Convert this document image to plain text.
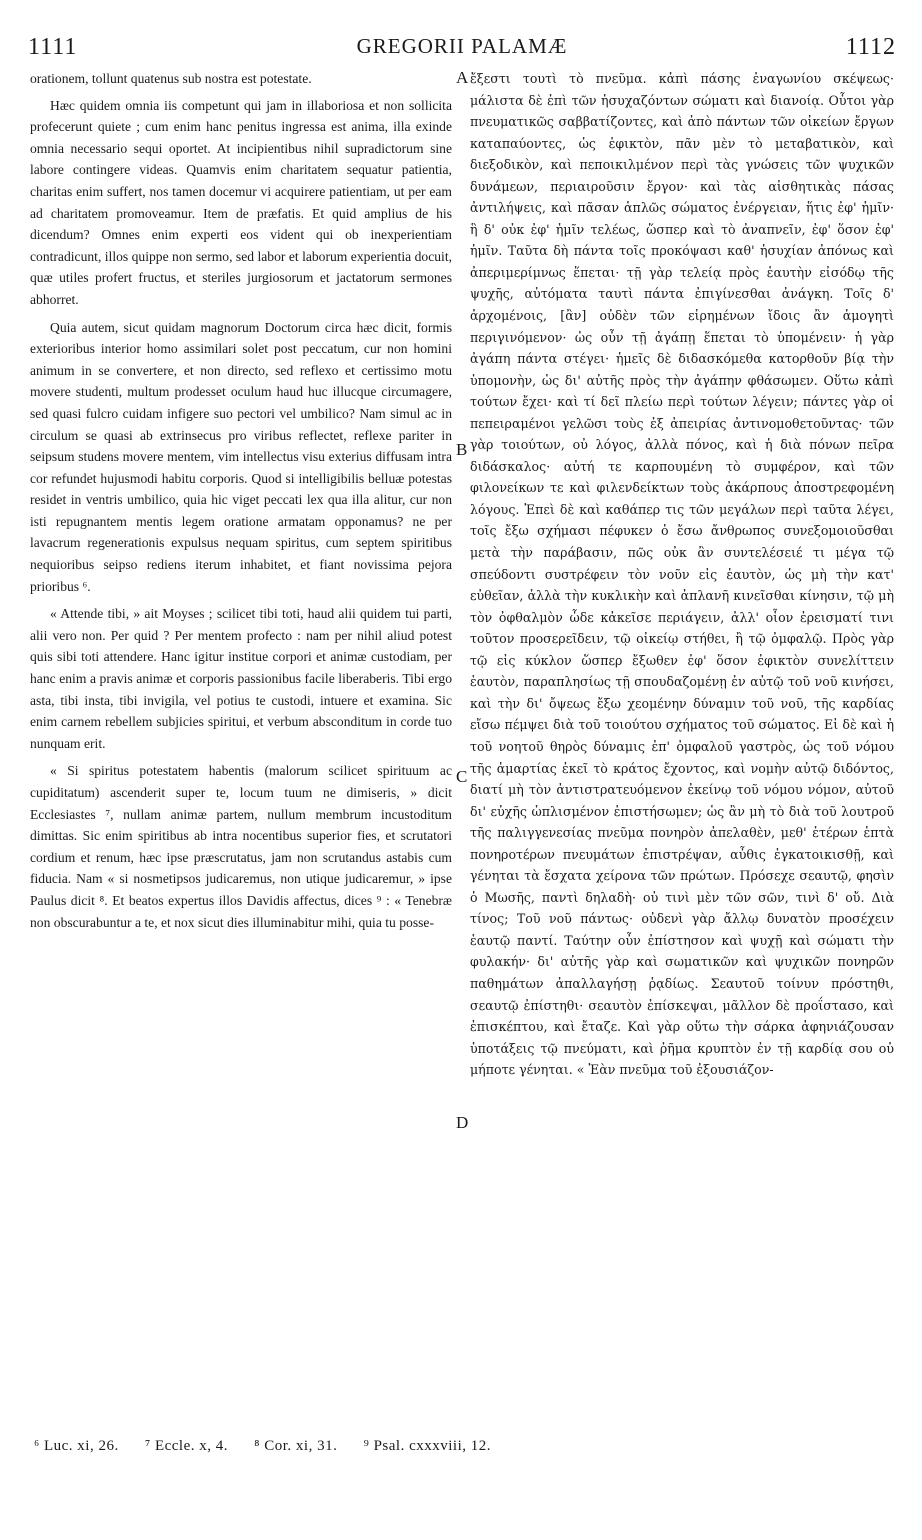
1111	GREGORII PALAMÆ	1112

orationem, tollunt quatenus sub nostra est potestate.

Hæc quidem omnia iis competunt qui jam in illaboriosa et non sollicita profecerunt quiete ; cum enim hanc penitus ingressa est anima, illa exinde omnia necessario sequi oportet. At incipientibus nihil supradictorum sine labore contingere videas. Quamvis enim charitatem sequatur patientia, charitas enim suffert, nos tamen docemur vi acquirere patientiam, ut per eam ad charitatem promoveamur. Item de præfatis. Et quid amplius de his dicendum? Omnes enim experti eos vident qui ob inexperientiam contradicunt, illos quippe non sermo, sed labor et laborum experientia docuit, quæ utiles profert fructus, et steriles jurgiosorum et jactatorum sermones abhorret.

Quia autem, sicut quidam magnorum Doctorum circa hæc dicit, formis exterioribus interior homo assimilari solet post peccatum, cur non homini animum in se convertere, et non directo, sed reflexo et certissimo motu movere studenti, multum prodesset oculum haud huc illucque circumagere, sed quasi fulcro cuidam infigere suo pectori vel umbilico? Nam simul ac in circulum se quasi ab extrinsecus pro viribus reflectet, reflexe pariter in seipsum studens movere mentem, vim intellectus visu exterius diffusam intra cor refundet hujusmodi habitu corporis. Quod si intelligibilis belluæ potestas residet in ventris umbilico, quia hic viget peccati lex qua illa alitur, cur non isti repugnantem mentis legem oratione armatam opponamus? ne per lavacrum regenerationis expulsus nequam spiritus, cum septem spiritibus nequioribus seipso rediens iterum inhabitet, et fiant novissima pejora prioribus ⁶.

« Attende tibi, » ait Moyses ; scilicet tibi toti, haud alii quidem tui parti, alii vero non. Per quid ? Per mentem profecto : nam per nihil aliud potest quis sibi toti attendere. Hanc igitur institue corpori et animæ custodiam, per hanc enim a pravis animæ et corporis passionibus facile liberaberis. Tibi ergo asta, tibi insta, tibi invigila, vel potius te custodi, intuere et examina. Sic enim carnem rebellem subjicies spiritui, et verbum absconditum in corde tuo nunquam erit.

« Si spiritus potestatem habentis (malorum scilicet spirituum ac cupiditatum) ascenderit super te, locum tuum ne dimiseris, » dicit Ecclesiastes ⁷, nullam animæ partem, nullum membrum incustoditum dimittas. Sic enim spiritibus ab intra nocentibus superior fies, et scrutatori cordium et renum, hæc ipse præscrutatus, jam non scrutandus astabis cum fiducia. Nam « si nosmetipsos judicaremus, non utique judicaremur, » ipse Paulus dicit ⁸. Et beatos expertus illos Davidis affectus, dices ⁹ : « Tenebræ non obscurabuntur a te, et nox sicut dies illuminabitur mihi, quia tu posse-

A
B
C
D

ἔξεστι τουτὶ τὸ πνεῦμα. κἀπὶ πάσης ἐναγωνίου σκέψεως· μάλιστα δὲ ἐπὶ τῶν ἡσυχαζόντων σώματι καὶ διανοίᾳ. Οὗτοι γὰρ πνευματικῶς σαββατίζοντες, καὶ ἀπὸ πάντων τῶν οἰκείων ἔργων καταπαύοντες, ὡς ἐφικτὸν, πᾶν μὲν τὸ μεταβατικὸν, καὶ διεξοδικὸν, καὶ πεποικιλμένον περὶ τὰς γνώσεις τῶν ψυχικῶν δυνάμεων, περιαιροῦσιν ἔργον· καὶ τὰς αἰσθητικὰς πάσας ἀντιλήψεις, καὶ πᾶσαν ἁπλῶς σώματος ἐνέργειαν, ἥτις ἐφ' ἡμῖν· ἣ δ' οὐκ ἐφ' ἡμῖν τελέως, ὥσπερ καὶ τὸ ἀναπνεῖν, ἐφ' ὅσον ἐφ' ἡμῖν. Ταῦτα δὴ πάντα τοῖς προκόψασι καθ' ἡσυχίαν ἀπόνως καὶ ἀπεριμερίμνως ἕπεται· τῇ γὰρ τελείᾳ πρὸς ἑαυτὴν εἰσόδῳ τῆς ψυχῆς, αὐτόματα ταυτὶ πάντα ἐπιγίνεσθαι ἀνάγκη. Τοῖς δ' ἀρχομένοις, [ἂν] οὐδὲν τῶν εἰρημένων ἴδοις ἂν ἀμογητὶ περιγινόμενον· ὡς οὖν τῇ ἀγάπῃ ἕπεται τὸ ὑπομένειν· ἡ γὰρ ἀγάπη πάντα στέγει· ἡμεῖς δὲ διδασκόμεθα κατορθοῦν βίᾳ τὴν ὑπομονὴν, ὡς δι' αὐτῆς πρὸς τὴν ἀγάπην φθάσωμεν. Οὕτω κἀπὶ τούτων ἔχει· καὶ τί δεῖ πλείω περὶ τούτων λέγειν; πάντες γὰρ οἱ πεπειραμένοι γελῶσι τοὺς ἐξ ἀπειρίας ἀντινομοθετοῦντας· τῶν γὰρ τοιούτων, οὐ λόγος, ἀλλὰ πόνος, καὶ ἡ διὰ πόνων πεῖρα διδάσκαλος· αὐτή τε καρπουμένη τὸ συμφέρον, καὶ τῶν φιλονείκων τε καὶ φιλενδείκτων τοὺς ἀκάρπους ἀποστρεφομένη λόγους. Ἐπεὶ δὲ καὶ καθάπερ τις τῶν μεγάλων περὶ ταῦτα λέγει, τοῖς ἔξω σχήμασι πέφυκεν ὁ ἔσω ἄνθρωπος συνεξομοιοῦσθαι μετὰ τὴν παράβασιν, πῶς οὐκ ἂν συντελέσειέ τι μέγα τῷ σπεύδοντι συστρέφειν τὸν νοῦν εἰς ἑαυτὸν, ὡς μὴ τὴν κατ' εὐθεῖαν, ἀλλὰ τὴν κυκλικὴν καὶ ἀπλανῆ κινεῖσθαι κίνησιν, τῷ μὴ τὸν ὀφθαλμὸν ὧδε κἀκεῖσε περιάγειν, ἀλλ' οἷον ἐρεισματί τινι τοῦτον προσερεῖδειν, τῷ οἰκείῳ στήθει, ἢ τῷ ὀμφαλῷ. Πρὸς γὰρ τῷ εἰς κύκλον ὥσπερ ἔξωθεν ἐφ' ὅσον ἐφικτὸν συνελίττειν ἑαυτὸν, παραπλησίως τῇ σπουδαζομένῃ ἐν αὐτῷ τοῦ νοῦ κινήσει, καὶ τὴν δι' ὄψεως ἔξω χεομένην δύναμιν τοῦ νοῦ, τῆς καρδίας εἴσω πέμψει διὰ τοῦ τοιούτου σχήματος τοῦ σώματος. Εἰ δὲ καὶ ἡ τοῦ νοητοῦ θηρὸς δύναμις ἐπ' ὀμφαλοῦ γαστρὸς, ὡς τοῦ νόμου τῆς ἁμαρτίας ἐκεῖ τὸ κράτος ἔχοντος, καὶ νομὴν αὐτῷ διδόντος, διατί μὴ τὸν ἀντιστρατευόμενον ἐκείνῳ τοῦ νόμου νόμον, αὐτοῦ δι' εὐχῆς ὡπλισμένον ἐπιστήσωμεν; ὡς ἂν μὴ τὸ διὰ τοῦ λουτροῦ τῆς παλιγγενεσίας πνεῦμα πονηρὸν ἀπελαθὲν, μεθ' ἑτέρων ἑπτὰ πονηροτέρων πνευμάτων ἐπιστρέψαν, αὖθις ἐγκατοικισθῇ, καὶ γένηται τὰ ἔσχατα χείρονα τῶν πρώτων. Πρόσεχε σεαυτῷ, φησὶν ὁ Μωσῆς, παντὶ δηλαδὴ· οὐ τινὶ μὲν τῶν σῶν, τινὶ δ' οὔ. Διὰ τίνος; Τοῦ νοῦ πάντως· οὐδενὶ γὰρ ἄλλῳ δυνατὸν προσέχειν ἑαυτῷ παντί. Ταύτην οὖν ἐπίστησον καὶ ψυχῇ καὶ σώματι τὴν φυλακήν· δι' αὐτῆς γὰρ καὶ σωματικῶν καὶ ψυχικῶν πονηρῶν παθημάτων ἀπαλλαγήσῃ ῥᾳδίως. Σεαυτοῦ τοίνυν πρόστηθι, σεαυτῷ ἐπίστηθι· σεαυτὸν ἐπίσκεψαι, μᾶλλον δὲ προΐστασο, καὶ ἐπισκέπτου, καὶ ἔταζε. Καὶ γὰρ οὕτω τὴν σάρκα ἀφηνιάζουσαν ὑποτάξεις τῷ πνεύματι, καὶ ῥῆμα κρυπτὸν ἐν τῇ καρδίᾳ σου οὐ μήποτε γένηται. « Ἐὰν πνεῦμα τοῦ ἐξουσιάζον-

⁶ Luc. xi, 26. ⁷ Eccle. x, 4. ⁸ Cor. xi, 31. ⁹ Psal. cxxxviii, 12.
